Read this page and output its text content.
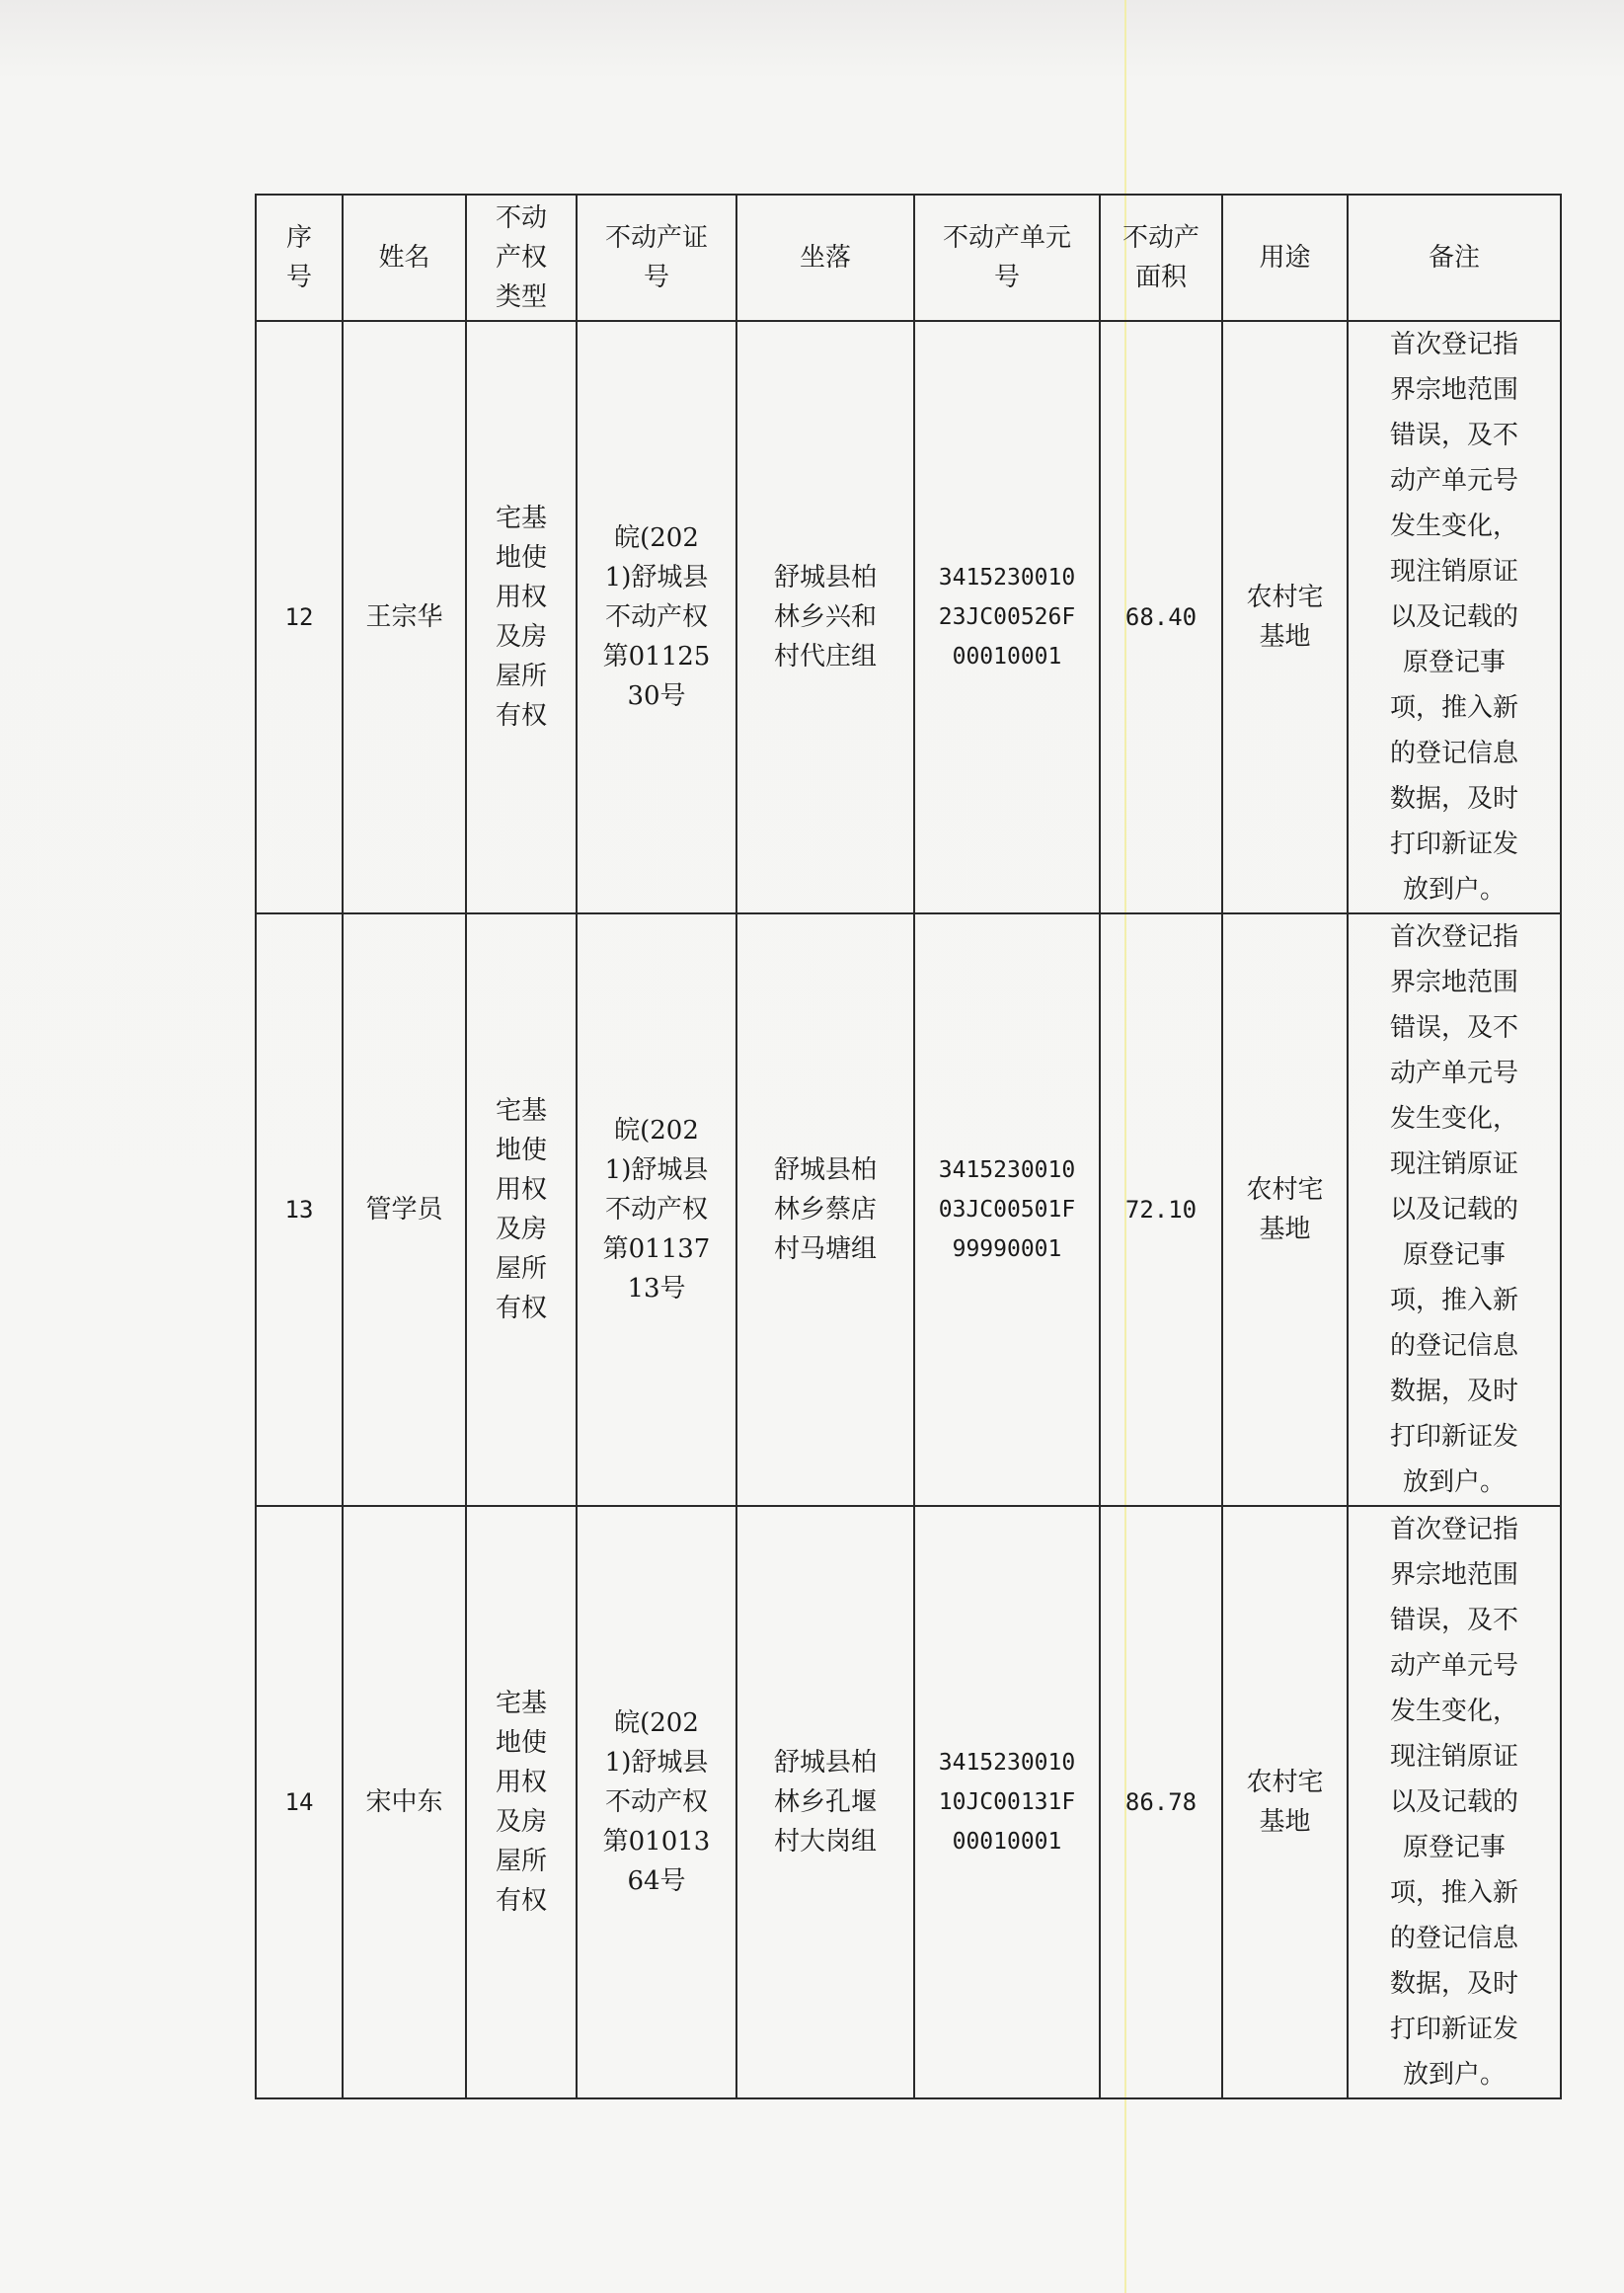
序号	姓名	不动产权类型	不动产证号	坐落	不动产单元号	不动产面积	用途	备注
12	王宗华	宅基地使用权及房屋所有权	皖(2021)舒城县不动产权第0112530号	舒城县柏林乡兴和村代庄组	341523001023JC00526F00010001	68.40	农村宅基地	首次登记指界宗地范围错误，及不动产单元号发生变化，现注销原证以及记载的原登记事项，推入新的登记信息数据，及时打印新证发放到户。
13	管学员	宅基地使用权及房屋所有权	皖(2021)舒城县不动产权第0113713号	舒城县柏林乡蔡店村马塘组	341523001003JC00501F99990001	72.10	农村宅基地	首次登记指界宗地范围错误，及不动产单元号发生变化，现注销原证以及记载的原登记事项，推入新的登记信息数据，及时打印新证发放到户。
14	宋中东	宅基地使用权及房屋所有权	皖(2021)舒城县不动产权第0101364号	舒城县柏林乡孔堰村大岗组	341523001010JC00131F00010001	86.78	农村宅基地	首次登记指界宗地范围错误，及不动产单元号发生变化，现注销原证以及记载的原登记事项，推入新的登记信息数据，及时打印新证发放到户。
